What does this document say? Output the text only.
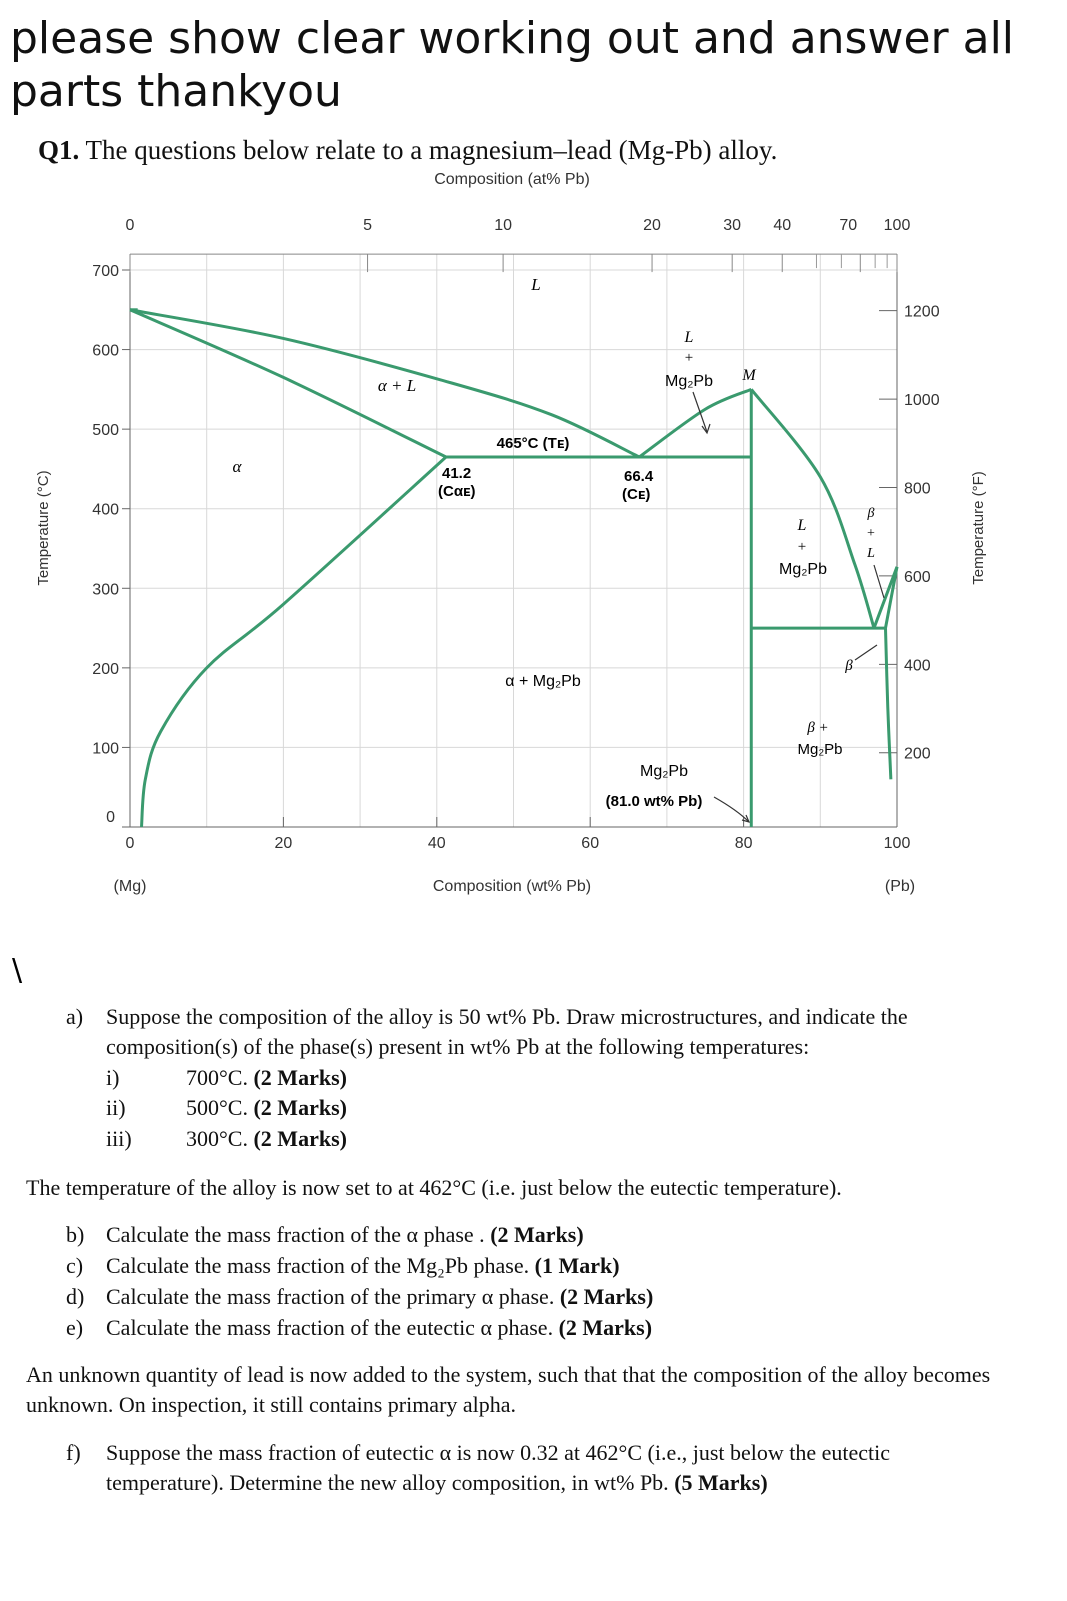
please show clear working out and answer all
parts thankyou
Q1. The questions below relate to a magnesium–lead (Mg-Pb) alloy.
0	20	40	60	80	100
0
100
200
300
400
500
600
700
0	5	10	20	30 40	70 100
200
400
600
800
1000
1200
Composition (at% Pb)
Composition (wt% Pb)
(Mg)	(Pb)
Temperature (°C)	Temperature (°F)
L
α + L
α
L
+
Mg₂Pb M
465°C (Tᴇ)
41.2
(Cαᴇ)
66.4
(Cᴇ)
L
+
Mg₂Pb
β
+
L
β
α + Mg₂Pb
β +
Mg₂Pb
Mg₂Pb
(81.0 wt% Pb)
\
a) Suppose the composition of the alloy is 50 wt% Pb. Draw microstructures, and indicate the composition(s) of the phase(s) present in wt% Pb at the following temperatures:
i)	700°C. (2 Marks)
ii)	500°C. (2 Marks)
iii) 300°C. (2 Marks)
The temperature of the alloy is now set to at 462°C (i.e. just below the eutectic temperature).
b) Calculate the mass fraction of the α phase . (2 Marks)
c) Calculate the mass fraction of the Mg₂Pb phase. (1 Mark)
d) Calculate the mass fraction of the primary α phase. (2 Marks)
e) Calculate the mass fraction of the eutectic α phase. (2 Marks)
An unknown quantity of lead is now added to the system, such that that the composition of the alloy becomes unknown. On inspection, it still contains primary alpha.
f) Suppose the mass fraction of eutectic α is now 0.32 at 462°C (i.e., just below the eutectic temperature). Determine the new alloy composition, in wt% Pb. (5 Marks)
